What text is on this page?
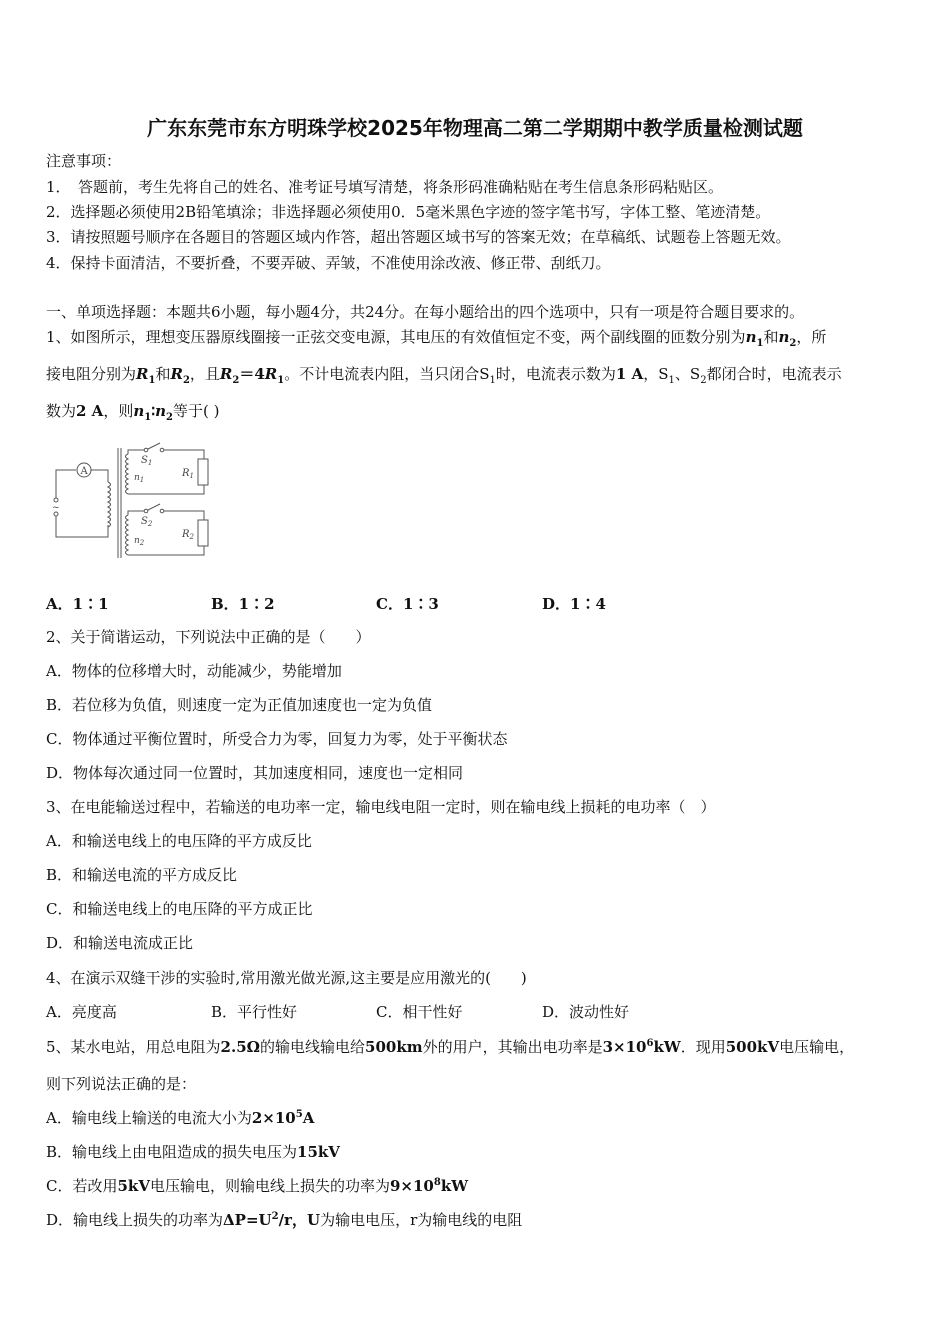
广东东莞市东方明珠学校2025年物理高二第二学期期中教学质量检测试题
注意事项：
1．　答题前，考生先将自己的姓名、准考证号填写清楚，将条形码准确粘贴在考生信息条形码粘贴区。
2．选择题必须使用2B铅笔填涂；非选择题必须使用0．5毫米黑色字迹的签字笔书写，字体工整、笔迹清楚。
3．请按照题号顺序在各题目的答题区域内作答，超出答题区域书写的答案无效；在草稿纸、试题卷上答题无效。
4．保持卡面清洁，不要折叠，不要弄破、弄皱，不准使用涂改液、修正带、刮纸刀。
一、单项选择题：本题共6小题，每小题4分，共24分。在每小题给出的四个选项中，只有一项是符合题目要求的。
1、如图所示，理想变压器原线圈接一正弦交变电源，其电压的有效值恒定不变，两个副线圈的匝数分别为$n_1$和$n_2$，所
接电阻分别为$R_1$和$R_2$，且$R_2=4R_1$。不计电流表内阻，当只闭合$S_1$时，电流表示数为1 A，$S_1$、$S_2$都闭合时，电流表示
数为2 A，则$n_1∶n_2$等于( )
A
~
$S_1$
$S_2$
$n_1$
$n_2$
$R_1$
$R_2$
A．1∶1	B．1∶2	C．1∶3	D．1∶4
2、关于简谐运动，下列说法中正确的是（　　）
A．物体的位移增大时，动能减少，势能增加
B．若位移为负值，则速度一定为正值加速度也一定为负值
C．物体通过平衡位置时，所受合力为零，回复力为零，处于平衡状态
D．物体每次通过同一位置时，其加速度相同，速度也一定相同
3、在电能输送过程中，若输送的电功率一定，输电线电阻一定时，则在输电线上损耗的电功率（　）
A．和输送电线上的电压降的平方成反比
B．和输送电流的平方成反比
C．和输送电线上的电压降的平方成正比
D．和输送电流成正比
4、在演示双缝干涉的实验时,常用激光做光源,这主要是应用激光的(　　)
A．亮度高	B．平行性好	C．相干性好	D．波动性好
5、某水电站，用总电阻为2.5Ω的输电线输电给500km外的用户，其输出电功率是$3\times 10^6kW$．现用500kV电压输电，
则下列说法正确的是：
A．输电线上输送的电流大小为$2\times 10^5A$
B．输电线上由电阻造成的损失电压为15kV
C．若改用5kV电压输电，则输电线上损失的功率为$9\times 10^8kW$
D．输电线上损失的功率为$\Delta P=U^2/r$，U为输电电压，r为输电线的电阻
